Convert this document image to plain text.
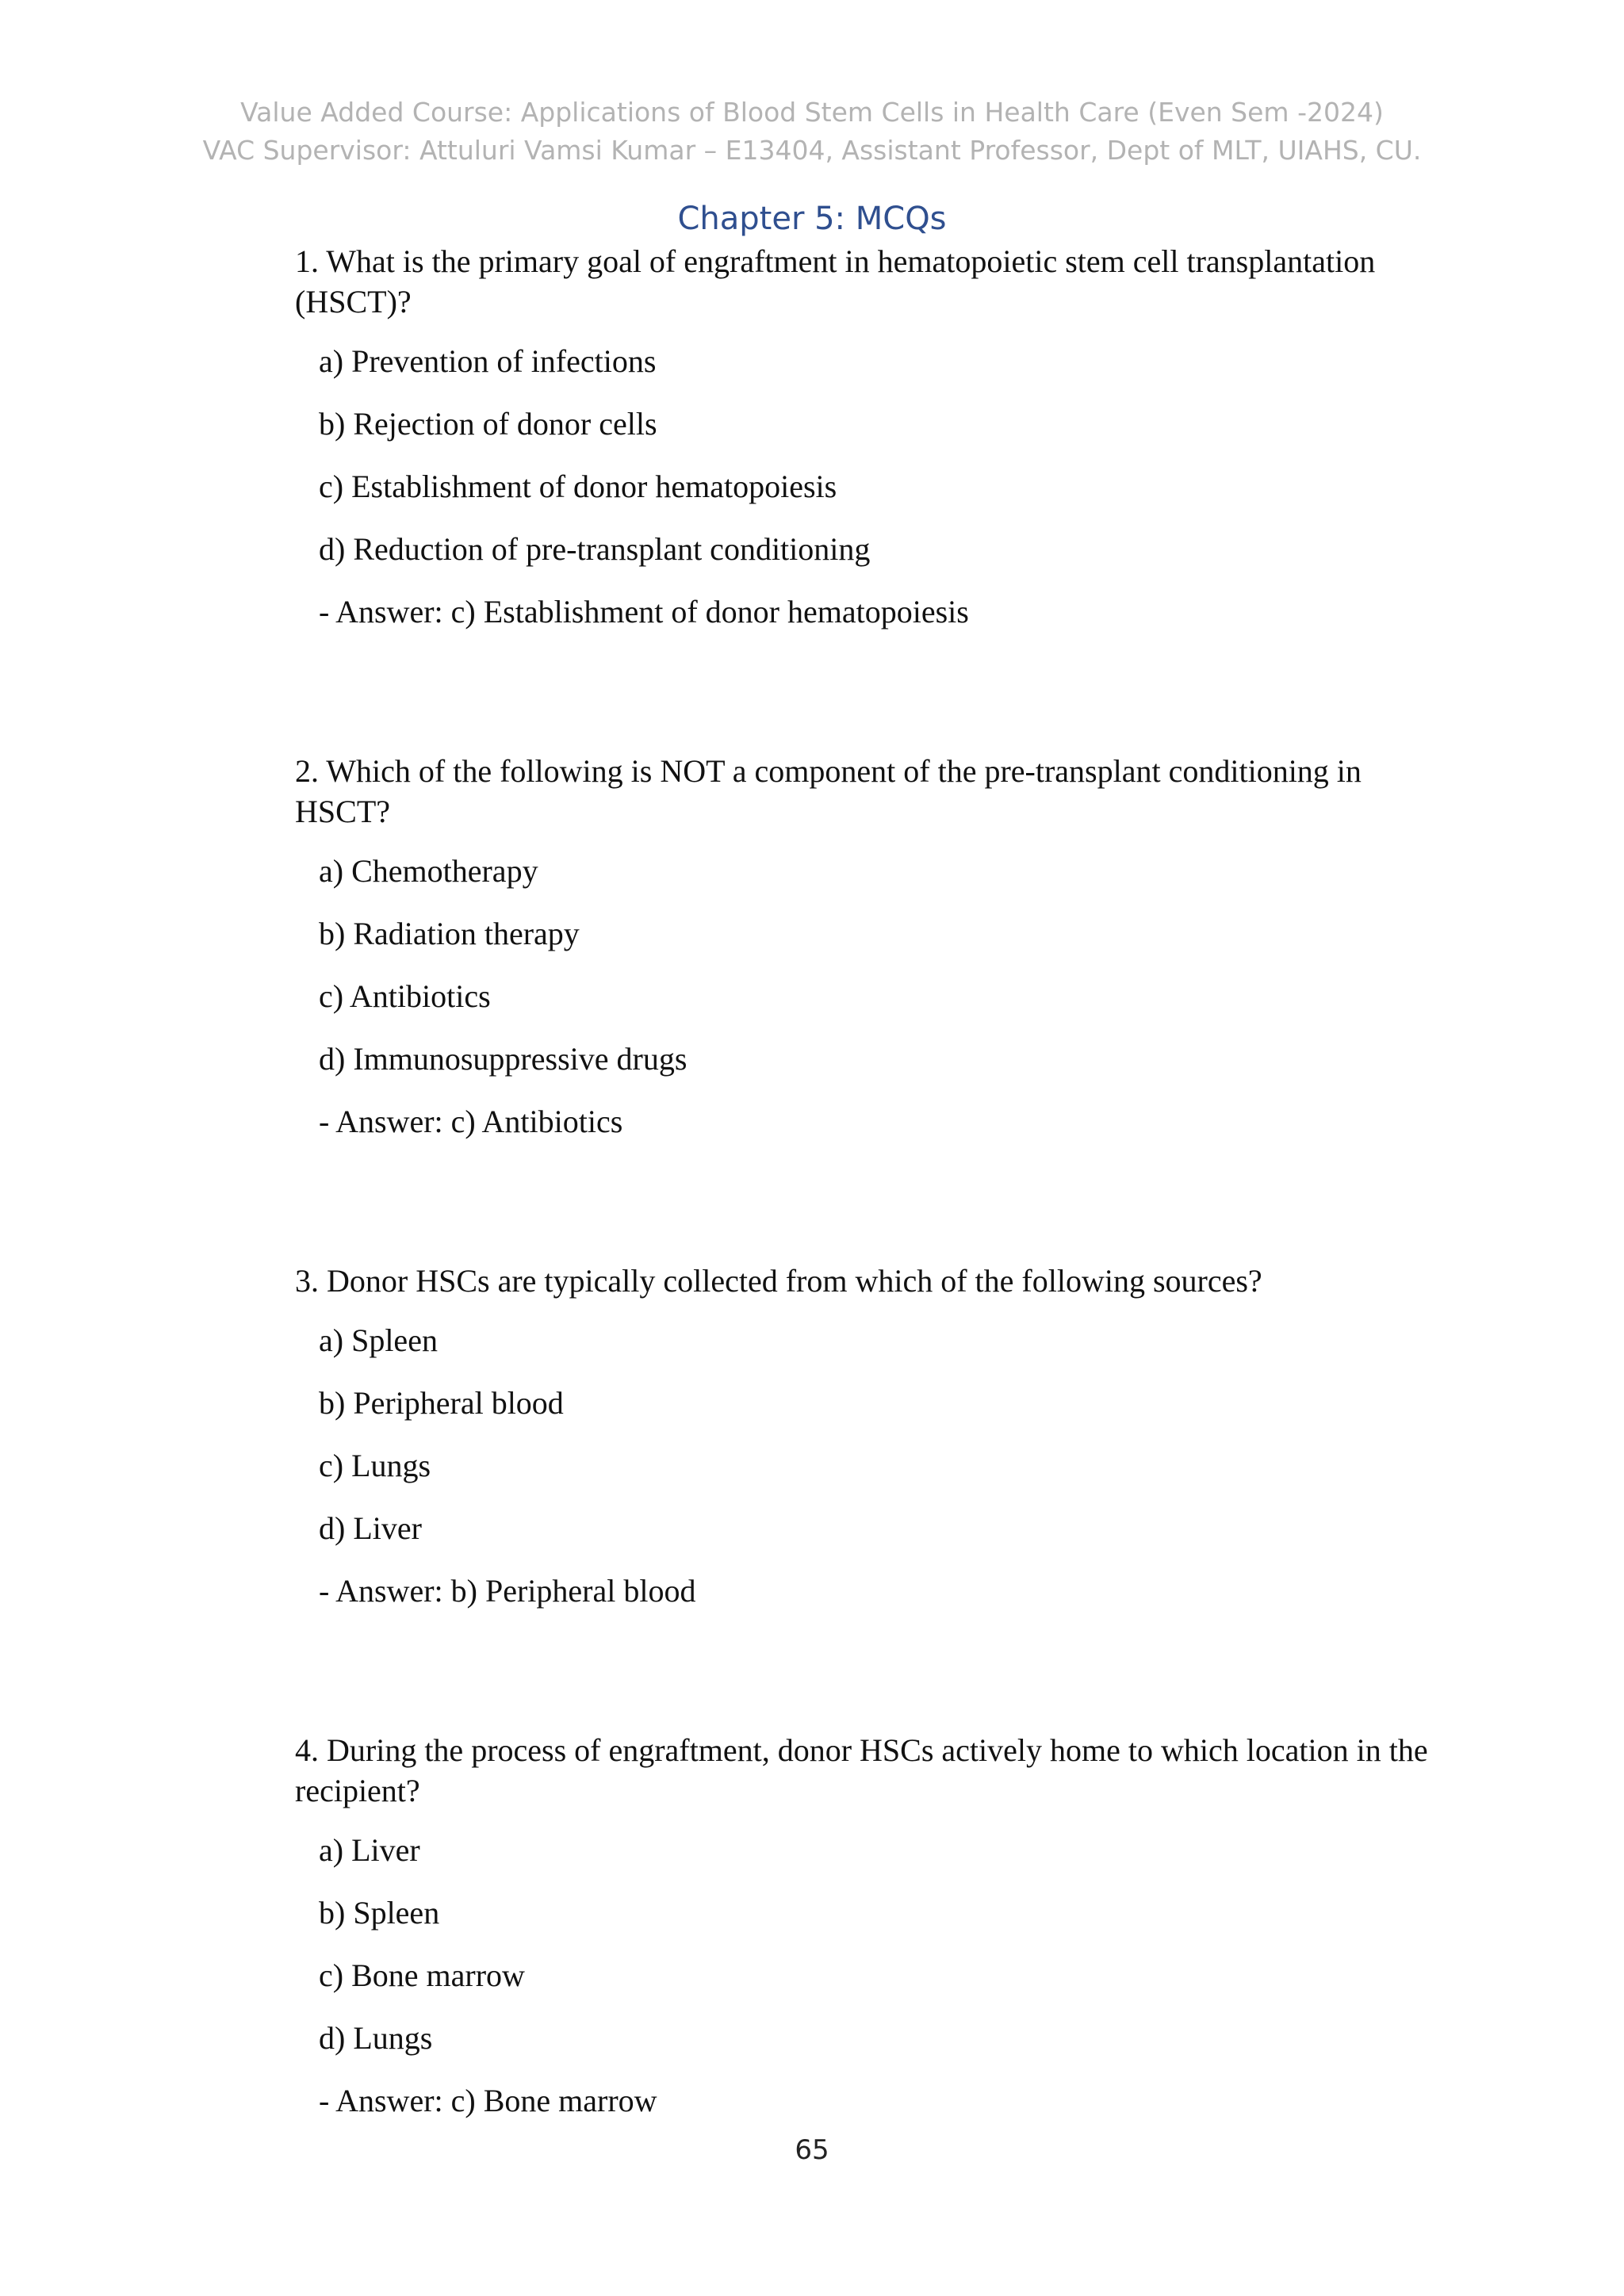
Value Added Course: Applications of Blood Stem Cells in Health Care (Even Sem -2024)
VAC Supervisor: Attuluri Vamsi Kumar – E13404, Assistant Professor, Dept of MLT, UIAHS, CU.
Chapter 5: MCQs
1. What is the primary goal of engraftment in hematopoietic stem cell transplantation (HSCT)?
a) Prevention of infections
b) Rejection of donor cells
c) Establishment of donor hematopoiesis
d) Reduction of pre-transplant conditioning
- Answer: c) Establishment of donor hematopoiesis
2. Which of the following is NOT a component of the pre-transplant conditioning in HSCT?
a) Chemotherapy
b) Radiation therapy
c) Antibiotics
d) Immunosuppressive drugs
- Answer: c) Antibiotics
3. Donor HSCs are typically collected from which of the following sources?
a) Spleen
b) Peripheral blood
c) Lungs
d) Liver
- Answer: b) Peripheral blood
4. During the process of engraftment, donor HSCs actively home to which location in the recipient?
a) Liver
b) Spleen
c) Bone marrow
d) Lungs
- Answer: c) Bone marrow
65
